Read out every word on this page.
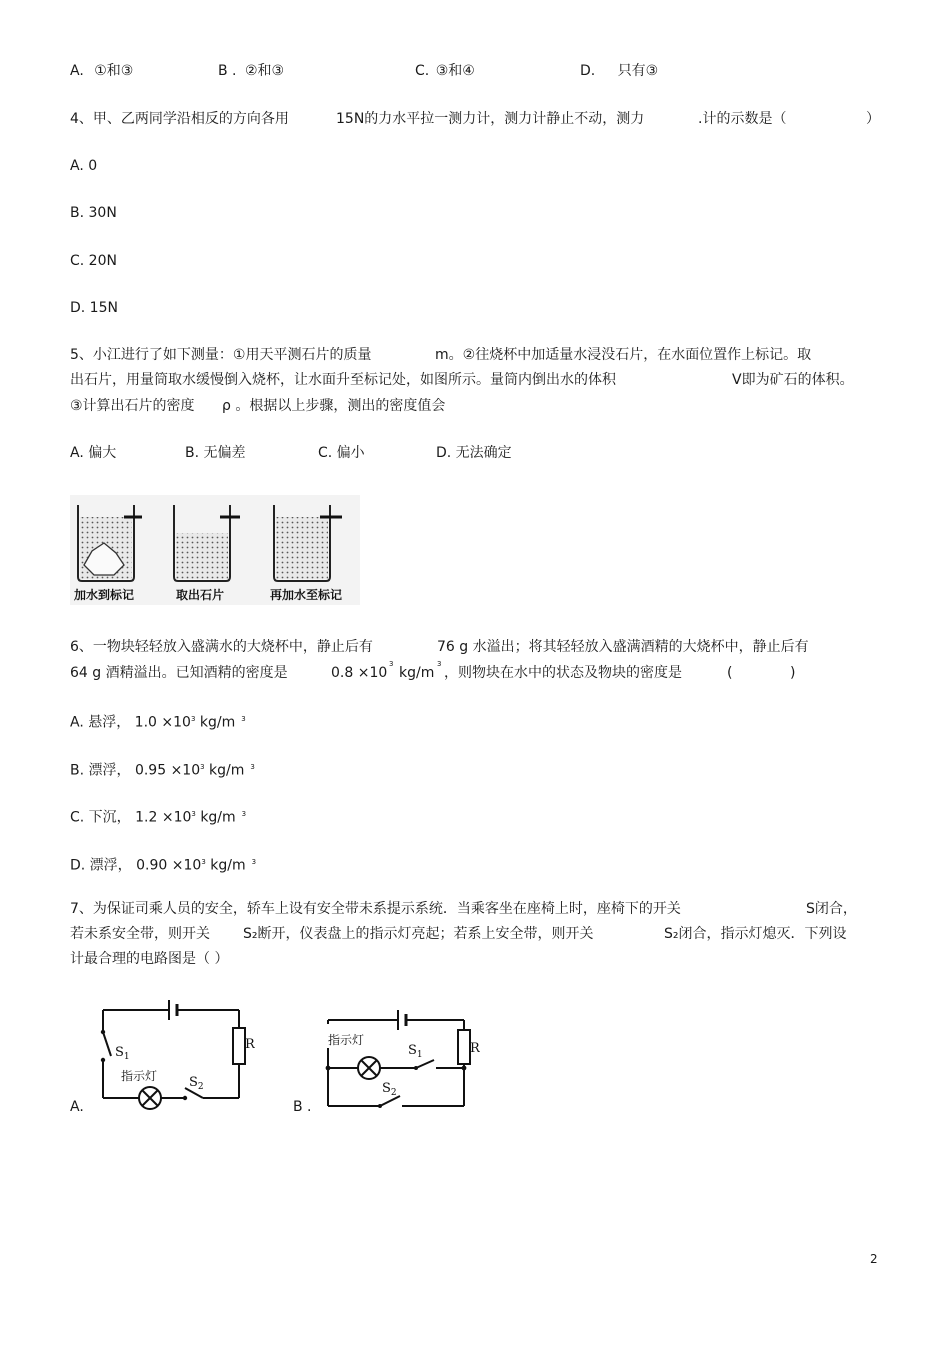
A. ①和③	B . ②和③	C. ③和④	D. 只有③
4、甲、乙两同学沿相反的方向各用	15N的力水平拉一测力计，测力计静止不动，测力	.计的示数是（	）
A. 0
B. 30N
C. 20N
D. 15N
5、小江进行了如下测量：①用天平测石片的质量	m。②往烧杯中加适量水浸没石片，在水面位置作上标记。取
出石片，用量筒取水缓慢倒入烧杯，让水面升至标记处，如图所示。量筒内倒出水的体积	V即为矿石的体积。
③计算出石片的密度 ρ 。根据以上步骤，测出的密度值会
A. 偏大	B. 无偏差	C. 偏小	D. 无法确定
加水到标记	取出石片	再加水至标记
6、一物块轻轻放入盛满水的大烧杯中，静止后有	76 g 水溢出；将其轻轻放入盛满酒精的大烧杯中，静止后有
64 g 酒精溢出。已知酒精的密度是	0.8 ×10
3
kg/m
3
，则物块在水中的状态及物块的密度是	(	)
A. 悬浮， $1.0 \times 10^3$ kg/m $^3$
B. 漂浮， $0.95 \times 10^3$ kg/m $^3$
C. 下沉， $1.2 \times 10^3$ kg/m $^3$
D. 漂浮， $0.90 \times 10^3$ kg/m $^3$
7、为保证司乘人员的安全，轿车上设有安全带未系提示系统．当乘客坐在座椅上时，座椅下的开关	S闭合，
若未系安全带，则开关 S₂断开，仪表盘上的指示灯亮起；若系上安全带，则开关	S₂闭合，指示灯熄灭．下列设
计最合理的电路图是（ ）
A.	B .
$S_1$
$S_2$
R
指示灯
指示灯
$S_1$
$S_2$
R
2
